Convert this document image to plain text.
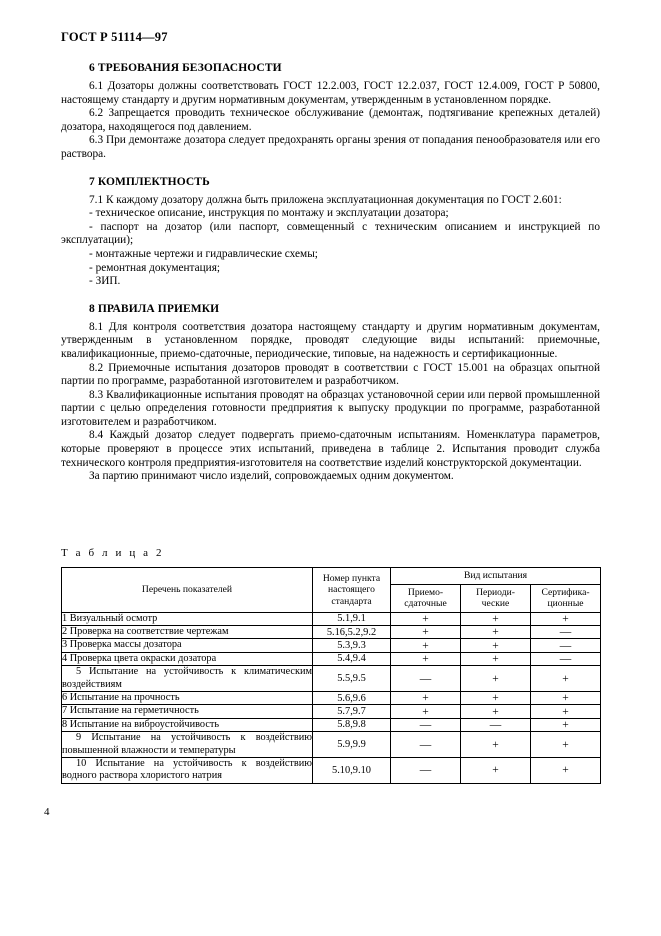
ГОСТ Р 51114—97
6 ТРЕБОВАНИЯ БЕЗОПАСНОСТИ

6.1 Дозаторы должны соответствовать ГОСТ 12.2.003, ГОСТ 12.2.037, ГОСТ 12.4.009, ГОСТ Р 50800, настоящему стандарту и другим нормативным документам, утвержденным в установленном порядке.

6.2 Запрещается проводить техническое обслуживание (демонтаж, подтягивание крепежных деталей) дозатора, находящегося под давлением.

6.3 При демонтаже дозатора следует предохранять органы зрения от попадания пенообразователя или его раствора.

7 КОМПЛЕКТНОСТЬ

7.1 К каждому дозатору должна быть приложена эксплуатационная документация по ГОСТ 2.601:

- техническое описание, инструкция по монтажу и эксплуатации дозатора;

- паспорт на дозатор (или паспорт, совмещенный с техническим описанием и инструкцией по эксплуатации);

- монтажные чертежи и гидравлические схемы;

- ремонтная документация;

- ЗИП.

8 ПРАВИЛА ПРИЕМКИ

8.1 Для контроля соответствия дозатора настоящему стандарту и другим нормативным документам, утвержденным в установленном порядке, проводят следующие виды испытаний: приемочные, квалификационные, приемо-сдаточные, периодические, типовые, на надежность и сертификационные.

8.2 Приемочные испытания дозаторов проводят в соответствии с ГОСТ 15.001 на образцах опытной партии по программе, разработанной изготовителем и разработчиком.

8.3 Квалификационные испытания проводят на образцах установочной серии или первой промышленной партии с целью определения готовности предприятия к выпуску продукции по программе, разработанной изготовителем и разработчиком.

8.4 Каждый дозатор следует подвергать приемо-сдаточным испытаниям. Номенклатура параметров, которые проверяют в процессе этих испытаний, приведена в таблице 2. Испытания проводит служба технического контроля предприятия-изготовителя на соответствие изделий конструкторской документации.

За партию принимают число изделий, сопровождаемых одним документом.

Т а б л и ц а 2
Перечень показателей	Номер пункта настоящего стандарта	Вид испытания		
		Приемо-сдаточные	Периоди-ческие	Сертифика-ционные
1 Визуальный осмотр	5.1,9.1	+	+	+
2 Проверка на соответствие чертежам	5.16,5.2,9.2	+	+	—
3 Проверка массы дозатора	5.3,9.3	+	+	—
4 Проверка цвета окраски дозатора	5.4,9.4	+	+	—
5 Испытание на устойчивость к климатическим воздействиям	5.5,9.5	—	+	+
6 Испытание на прочность	5.6,9.6	+	+	+
7 Испытание на герметичность	5.7,9.7	+	+	+
8 Испытание на виброустойчивость	5.8,9.8	—	—	+
9 Испытание на устойчивость к воздействию повышенной влажности и температуры	5.9,9.9	—	+	+
10 Испытание на устойчивость к воздействию водного раствора хлористого натрия	5.10,9.10	—	+	+
4
